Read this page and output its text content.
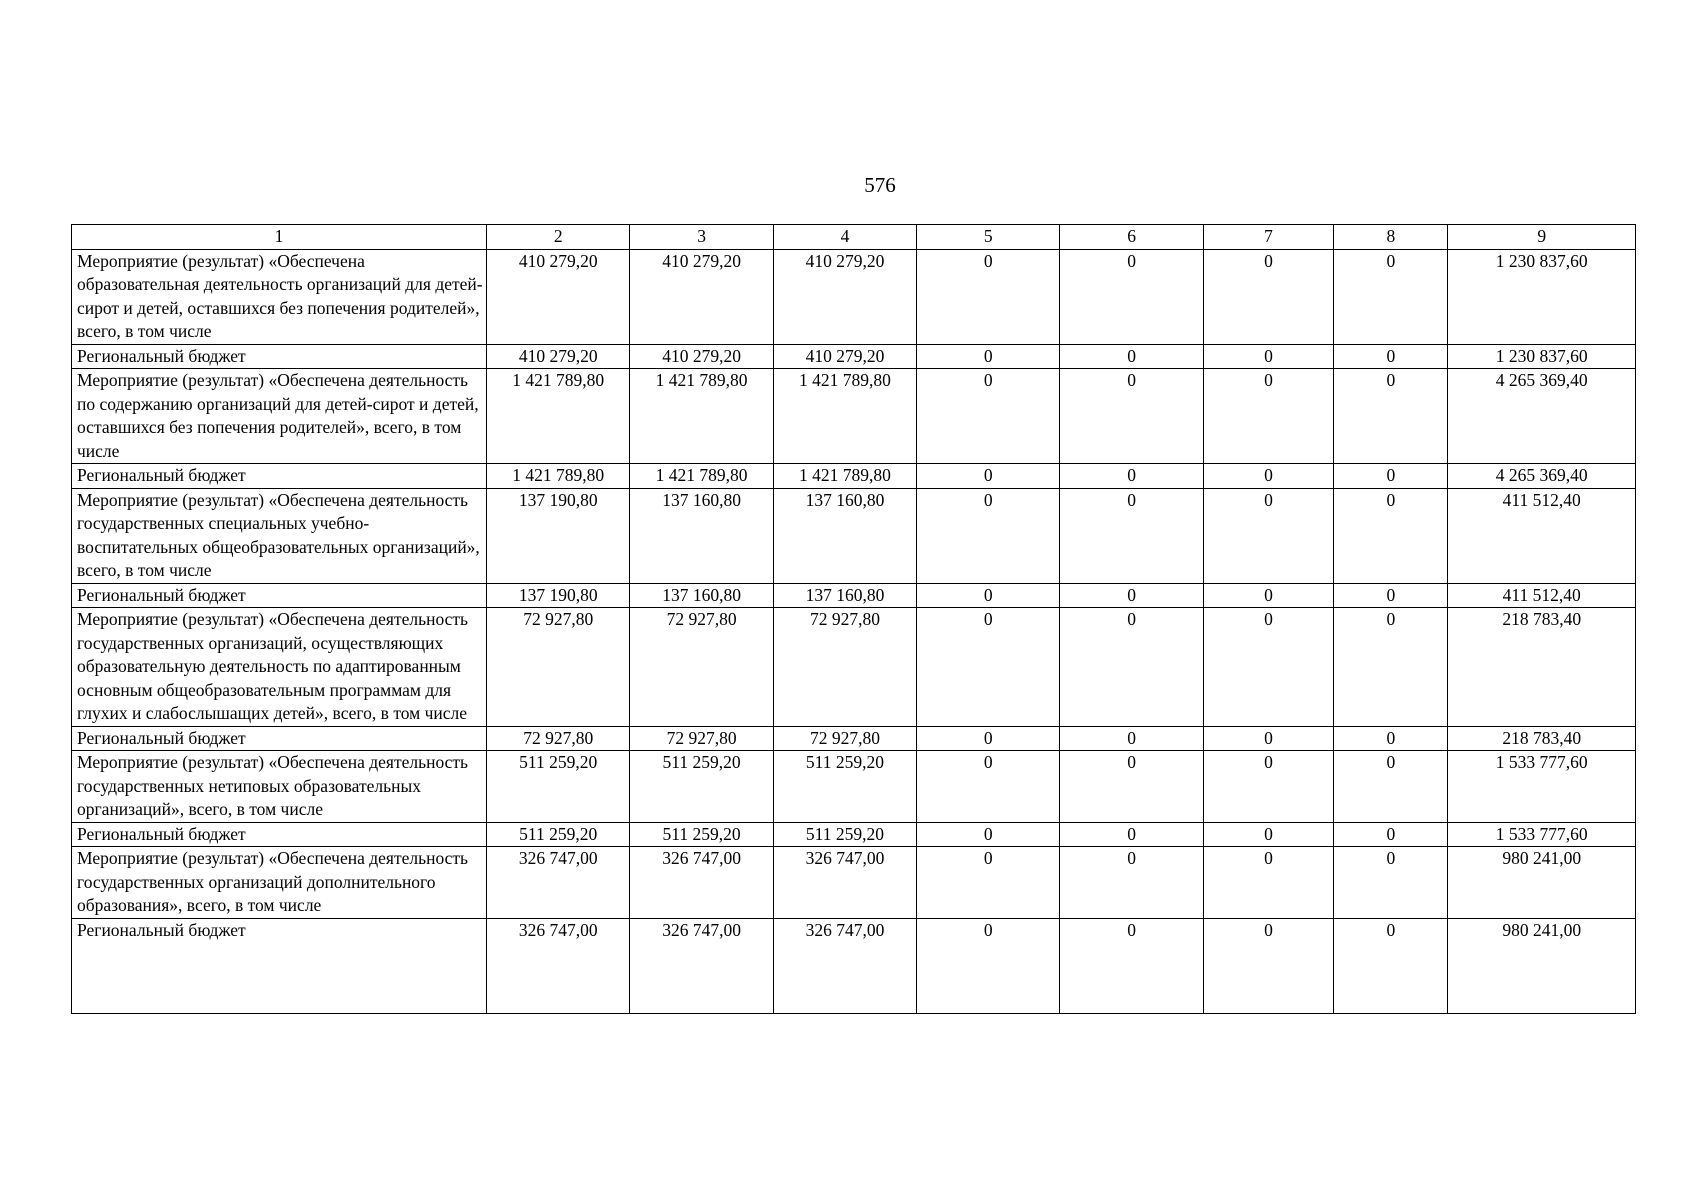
576
1	2	3	4	5	6	7	8	9
Мероприятие (результат) «Обеспечена образовательная деятельность организаций для детей-сирот и детей, оставшихся без попечения родителей», всего, в том числе	410 279,20	410 279,20	410 279,20	0	0	0	0	1 230 837,60
Региональный бюджет	410 279,20	410 279,20	410 279,20	0	0	0	0	1 230 837,60
Мероприятие (результат) «Обеспечена деятельность по содержанию организаций для детей-сирот и детей, оставшихся без попечения родителей», всего, в том числе	1 421 789,80	1 421 789,80	1 421 789,80	0	0	0	0	4 265 369,40
Региональный бюджет	1 421 789,80	1 421 789,80	1 421 789,80	0	0	0	0	4 265 369,40
Мероприятие (результат) «Обеспечена деятельность государственных специальных учебно-воспитательных общеобразовательных организаций», всего, в том числе	137 190,80	137 160,80	137 160,80	0	0	0	0	411 512,40
Региональный бюджет	137 190,80	137 160,80	137 160,80	0	0	0	0	411 512,40
Мероприятие (результат) «Обеспечена деятельность государственных организаций, осуществляющих образовательную деятельность по адаптированным основным общеобразовательным программам для глухих и слабослышащих детей», всего, в том числе	72 927,80	72 927,80	72 927,80	0	0	0	0	218 783,40
Региональный бюджет	72 927,80	72 927,80	72 927,80	0	0	0	0	218 783,40
Мероприятие (результат) «Обеспечена деятельность государственных нетиповых образовательных организаций», всего, в том числе	511 259,20	511 259,20	511 259,20	0	0	0	0	1 533 777,60
Региональный бюджет	511 259,20	511 259,20	511 259,20	0	0	0	0	1 533 777,60
Мероприятие (результат) «Обеспечена деятельность государственных организаций дополнительного образования», всего, в том числе	326 747,00	326 747,00	326 747,00	0	0	0	0	980 241,00
Региональный бюджет	326 747,00	326 747,00	326 747,00	0	0	0	0	980 241,00
